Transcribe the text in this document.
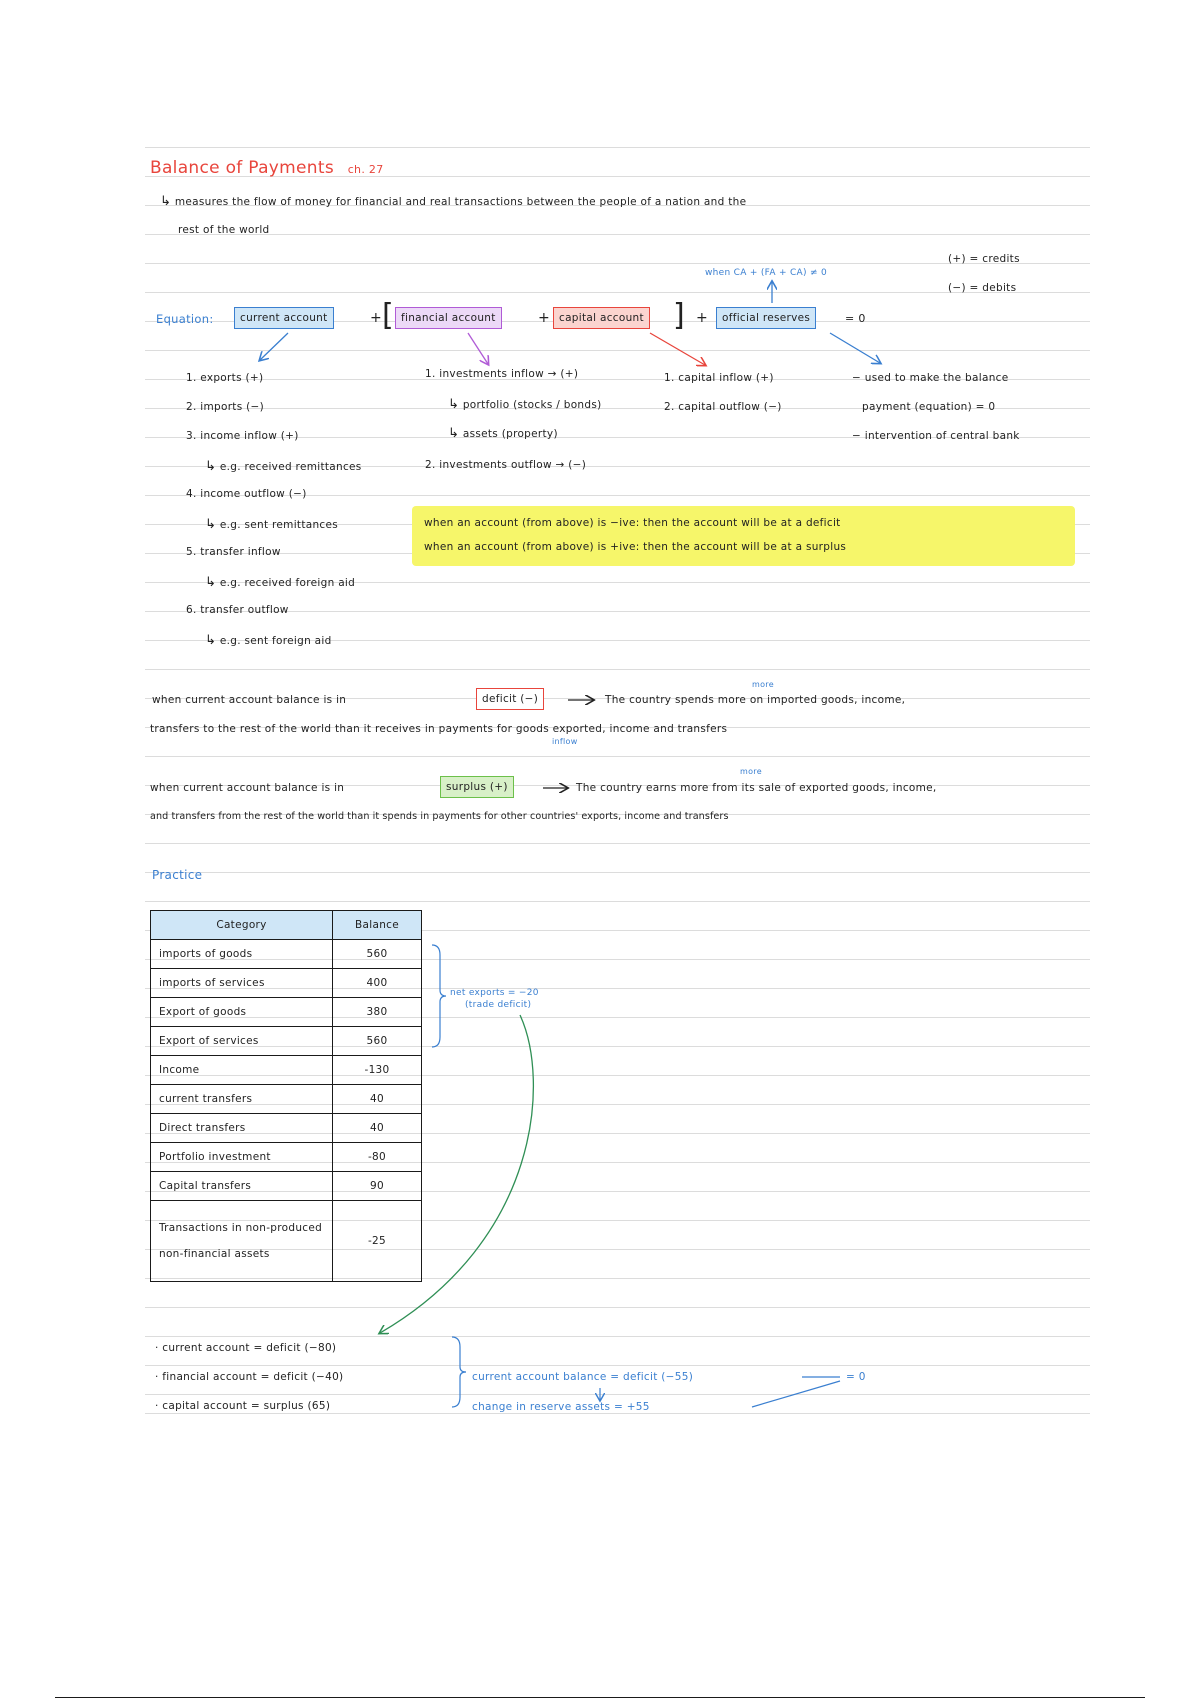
Balance of Payments ch. 27
↳ measures the flow of money for financial and real transactions between the people of a nation and the
rest of the world
(+) = credits
(−) = debits
when CA + (FA + CA) ≠ 0
Equation:	current account	+ [ financial account	+ capital account ] +	official reserves	= 0
1. exports (+)
2. imports (−)
3. income inflow (+)
↳ e.g. received remittances
4. income outflow (−)
↳ e.g. sent remittances
5. transfer inflow
↳ e.g. received foreign aid
6. transfer outflow
↳ e.g. sent foreign aid
1. investments inflow → (+)
↳ portfolio (stocks / bonds)
↳ assets (property)
2. investments outflow → (−)
1. capital inflow (+)
2. capital outflow (−)
− used to make the balance
payment (equation) = 0
− intervention of central bank
when an account (from above) is −ive: then the account will be at a deficit
when an account (from above) is +ive: then the account will be at a surplus
more
when current account balance is in	deficit (−)	The country spends more on imported goods, income,
transfers to the rest of the world than it receives in payments for goods exported, income and transfers
inflow
more
when current account balance is in	surplus (+)	The country earns more from its sale of exported goods, income,
and transfers from the rest of the world than it spends in payments for other countries' exports, income and transfers
Practice
Category	Balance
imports of goods	560
imports of services	400
Export of goods	380
Export of services	560
Income	-130
current transfers	40
Direct transfers	40
Portfolio investment	-80
Capital transfers	90
Transactions in non-produced non-financial assets	-25
net exports = −20
(trade deficit)
· current account = deficit (−80)
· financial account = deficit (−40)
· capital account = surplus (65)
current account balance = deficit (−55)
change in reserve assets = +55
= 0
